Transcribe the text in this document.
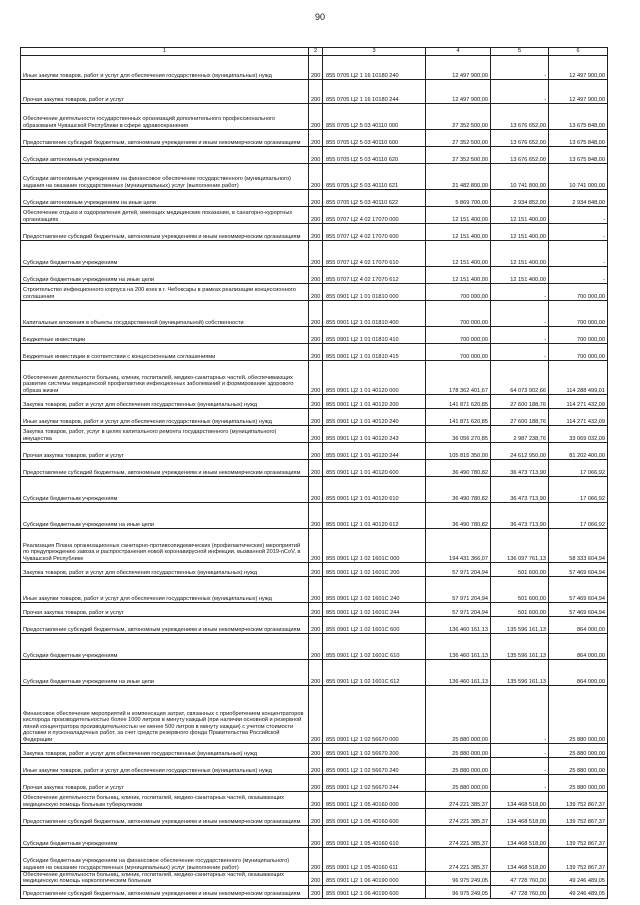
90
1	2	3	4	5	6
Иные закупки товаров, работ и услуг для обеспечения государственных (муниципальных) нужд	200	855 0705 Ц2 1 16 10180 240	12 497 900,00	-	12 497 900,00
Прочая закупка товаров, работ и услуг	200	855 0705 Ц2 1 16 10180 244	12 497 900,00	-	12 497 900,00
Обеспечение деятельности государственных организаций дополнительного профессионального образования Чувашской Республики в сфере здравоохранения	200	855 0705 Ц2 5 03 40110 000	27 352 500,00	13 676 652,00	13 675 848,00
Предоставление субсидий бюджетным, автономным учреждениям и иным некоммерческим организациям	200	855 0705 Ц2 5 03 40110 600	27 352 500,00	13 676 652,00	13 675 848,00
Субсидии автономным учреждениям	200	855 0705 Ц2 5 03 40110 620	27 352 500,00	13 676 652,00	13 675 848,00
Субсидии автономным учреждениям на финансовое обеспечение государственного (муниципального) задания на оказание государственных (муниципальных) услуг (выполнение работ)	200	855 0705 Ц2 5 03 40110 621	21 482 800,00	10 741 800,00	10 741 000,00
Субсидии автономным учреждениям на иные цели	200	855 0705 Ц2 5 03 40110 622	5 869 700,00	2 934 852,00	2 934 848,00
Обеспечение отдыха и оздоровления детей, имеющих медицинские показания, в санаторно-курортных организациях	200	855 0707 Ц2 4 02 17070 000	12 151 400,00	12 151 400,00	-
Предоставление субсидий бюджетным, автономным учреждениям и иным некоммерческим организациям	200	855 0707 Ц2 4 02 17070 600	12 151 400,00	12 151 400,00	-
Субсидии бюджетным учреждениям	200	855 0707 Ц2 4 02 17070 610	12 151 400,00	12 151 400,00	-
Субсидии бюджетным учреждениям на иные цели	200	855 0707 Ц2 4 02 17070 612	12 151 400,00	12 151 400,00	-
Строительство инфекционного корпуса на 200 коек в г. Чебоксары в рамках реализации концессионного соглашения	200	855 0901 Ц2 1 01 01810 000	700 000,00	-	700 000,00
Капитальные вложения в объекты государственной (муниципальной) собственности	200	855 0901 Ц2 1 01 01810 400	700 000,00	-	700 000,00
Бюджетные инвестиции	200	855 0901 Ц2 1 01 01810 410	700 000,00	-	700 000,00
Бюджетные инвестиции в соответствии с концессионными соглашениями	200	855 0901 Ц2 1 01 01810 415	700 000,00	-	700 000,00
Обеспечение деятельности больниц, клиник, госпиталей, медико-санитарных частей, обеспечивающих развитие системы медицинской профилактики инфекционных заболеваний и формирование здорового образа жизни	200	855 0901 Ц2 1 01 40120 000	178 362 401,67	64 073 902,66	114 288 499,01
Закупка товаров, работ и услуг для обеспечения государственных (муниципальных) нужд	200	855 0901 Ц2 1 01 40120 200	141 871 620,85	27 600 188,76	114 271 432,09
Иные закупки товаров, работ и услуг для обеспечения государственных (муниципальных) нужд	200	855 0901 Ц2 1 01 40120 240	141 871 620,85	27 600 188,76	114 271 432,09
Закупка товаров, работ, услуг в целях капитального ремонта государственного (муниципального) имущества	200	855 0901 Ц2 1 01 40120 243	36 056 270,85	2 987 238,76	33 069 032,09
Прочая закупка товаров, работ и услуг	200	855 0901 Ц2 1 01 40120 244	105 815 350,00	24 612 950,00	81 202 400,00
Предоставление субсидий бюджетным, автономным учреждениям и иным некоммерческим организациям	200	855 0901 Ц2 1 01 40120 600	36 490 780,82	36 473 713,90	17 066,92
Субсидии бюджетным учреждениям	200	855 0901 Ц2 1 01 40120 610	36 490 780,82	36 473 713,90	17 066,92
Субсидии бюджетным учреждениям на иные цели	200	855 0901 Ц2 1 01 40120 612	36 490 780,82	36 473 713,90	17 066,92
Реализация Плана организационных санитарно-противоэпидемических (профилактических) мероприятий по предупреждению завоза и распространения новой коронавирусной инфекции, вызванной 2019-nCoV, в Чувашской Республике	200	855 0901 Ц2 1 02 1601С 000	194 431 366,07	136 097 761,13	58 333 604,94
Закупка товаров, работ и услуг для обеспечения государственных (муниципальных) нужд	200	855 0901 Ц2 1 02 1601С 200	57 971 204,94	501 600,00	57 469 604,94
Иные закупки товаров, работ и услуг для обеспечения государственных (муниципальных) нужд	200	855 0901 Ц2 1 02 1601С 240	57 971 204,94	501 600,00	57 469 604,94
Прочая закупка товаров, работ и услуг	200	855 0901 Ц2 1 02 1601С 244	57 971 204,94	501 600,00	57 469 604,94
Предоставление субсидий бюджетным, автономным учреждениям и иным некоммерческим организациям	200	855 0901 Ц2 1 02 1601С 600	136 460 161,13	135 596 161,13	864 000,00
Субсидии бюджетным учреждениям	200	855 0901 Ц2 1 02 1601С 610	136 460 161,13	135 596 161,13	864 000,00
Субсидии бюджетным учреждениям на иные цели	200	855 0901 Ц2 1 02 1601С 612	136 460 161,13	135 596 161,13	864 000,00
Финансовое обеспечение мероприятий и компенсация затрат, связанных с приобретением концентраторов кислорода производительностью более 1000 литров в минуту каждый (при наличии основной и резервной линий концентратора производительностью не менее 500 литров в минуту каждая) с учетом стоимости доставки и пусконаладочных работ, за счет средств резервного фонда Правительства Российской Федерации	200	855 0901 Ц2 1 02 56670 000	25 880 000,00	-	25 880 000,00
Закупка товаров, работ и услуг для обеспечения государственных (муниципальных) нужд	200	855 0901 Ц2 1 02 56670 200	25 880 000,00	-	25 880 000,00
Иные закупки товаров, работ и услуг для обеспечения государственных (муниципальных) нужд	200	855 0901 Ц2 1 02 56670 240	25 880 000,00	-	25 880 000,00
Прочая закупка товаров, работ и услуг	200	855 0901 Ц2 1 02 56670 244	25 880 000,00	-	25 880 000,00
Обеспечение деятельности больниц, клиник, госпиталей, медико-санитарных частей, оказывающих медицинскую помощь больным туберкулезом	200	855 0901 Ц2 1 05 40160 000	274 221 385,37	134 468 518,00	139 752 867,37
Предоставление субсидий бюджетным, автономным учреждениям и иным некоммерческим организациям	200	855 0901 Ц2 1 05 40160 600	274 221 385,37	134 468 518,00	139 752 867,37
Субсидии бюджетным учреждениям	200	855 0901 Ц2 1 05 40160 610	274 221 385,37	134 468 518,00	139 752 867,37
Субсидии бюджетным учреждениям на финансовое обеспечение государственного (муниципального) задания на оказание государственных (муниципальных) услуг (выполнение работ)	200	855 0901 Ц2 1 05 40160 611	274 221 385,37	134 468 518,00	139 752 867,37
Обеспечение деятельности больниц, клиник, госпиталей, медико-санитарных частей, оказывающих медицинскую помощь наркологическим больным	200	855 0901 Ц2 1 06 40190 000	96 975 249,05	47 728 760,00	49 246 489,05
Предоставление субсидий бюджетным, автономным учреждениям и иным некоммерческим организациям	200	855 0901 Ц2 1 06 40190 600	96 975 249,05	47 728 760,00	49 246 489,05
